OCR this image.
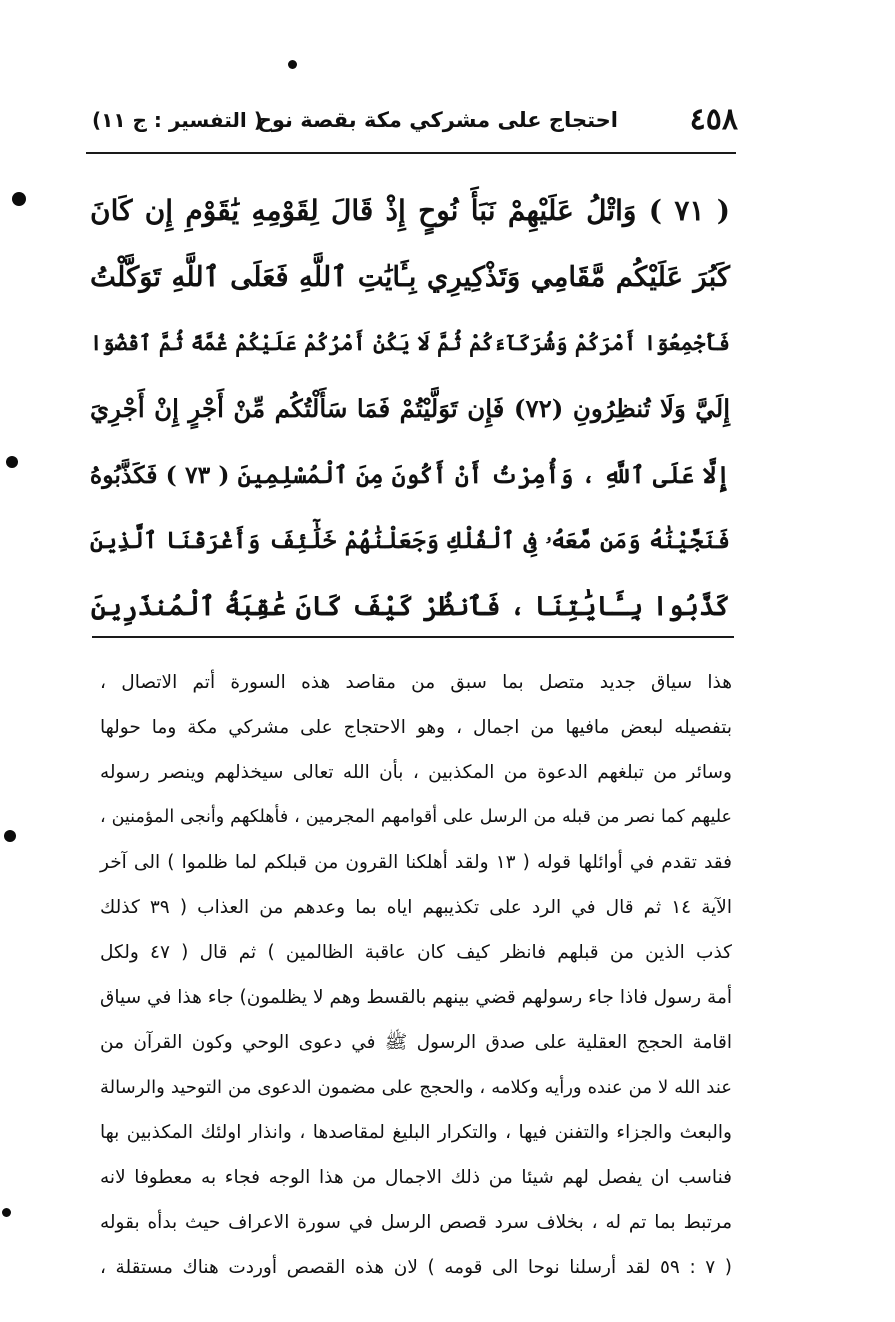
٤٥٨
احتجاج على مشركي مكة بقصة نوح
( التفسير : ج ١١)
( ٧١ ) وَاتْلُ عَلَيْهِمْ نَبَأَ نُوحٍ إِذْ قَالَ لِقَوْمِهِ يَٰقَوْمِ إِن كَانَ
كَبُرَ عَلَيْكُم مَّقَامِي وَتَذْكِيرِي بِـَٔايَٰتِ ٱللَّهِ فَعَلَى ٱللَّهِ تَوَكَّلْتُ
فَأَجْمِعُوٓا أَمْرَكُمْ وَشُرَكَآءَكُمْ ثُمَّ لَا يَكُنْ أَمْرُكُمْ عَلَيْكُمْ غُمَّةً ثُمَّ ٱقْضُوٓا
إِلَيَّ وَلَا تُنظِرُونِ (٧٢) فَإِن تَوَلَّيْتُمْ فَمَا سَأَلْتُكُم مِّنْ أَجْرٍ إِنْ أَجْرِيَ
إِلَّا عَلَى ٱللَّهِ ، وَأُمِرْتُ أَنْ أَكُونَ مِنَ ٱلْمُسْلِمِينَ ( ٧٣ ) فَكَذَّبُوهُ
فَنَجَّيْنَٰهُ وَمَن مَّعَهُۥ فِى ٱلْفُلْكِ وَجَعَلْنَٰهُمْ خَلَٰٓئِفَ وَأَغْرَقْنَا ٱلَّذِينَ
كَذَّبُوا بِـَٔايَٰتِنَا ، فَٱنظُرْ كَيْفَ كَانَ عَٰقِبَةُ ٱلْمُنذَرِينَ
هذا سياق جديد متصل بما سبق من مقاصد هذه السورة أتم الاتصال ،
بتفصيله لبعض مافيها من اجمال ، وهو الاحتجاج على مشركي مكة وما حولها
وسائر من تبلغهم الدعوة من المكذبين ، بأن الله تعالى سيخذلهم وينصر رسوله
عليهم كما نصر من قبله من الرسل على أقوامهم المجرمين ، فأهلكهم وأنجى المؤمنين ،
فقد تقدم في أوائلها قوله ( ١٣ ولقد أهلكنا القرون من قبلكم لما ظلموا ) الى آخر
الآية ١٤ ثم قال في الرد على تكذيبهم اياه بما وعدهم من العذاب ( ٣٩ كذلك
كذب الذين من قبلهم فانظر كيف كان عاقبة الظالمين ) ثم قال ( ٤٧ ولكل
أمة رسول فاذا جاء رسولهم قضي بينهم بالقسط وهم لا يظلمون) جاء هذا في سياق
اقامة الحجج العقلية على صدق الرسول ﷺ في دعوى الوحي وكون القرآن من
عند الله لا من عنده ورأيه وكلامه ، والحجج على مضمون الدعوى من التوحيد والرسالة
والبعث والجزاء والتفنن فيها ، والتكرار البليغ لمقاصدها ، وانذار اولئك المكذبين بها
فناسب ان يفصل لهم شيئا من ذلك الاجمال من هذا الوجه فجاء به معطوفا لانه
مرتبط بما تم له ، بخلاف سرد قصص الرسل في سورة الاعراف حيث بدأه بقوله
( ٧ : ٥٩ لقد أرسلنا نوحا الى قومه ) لان هذه القصص أوردت هناك مستقلة ،
